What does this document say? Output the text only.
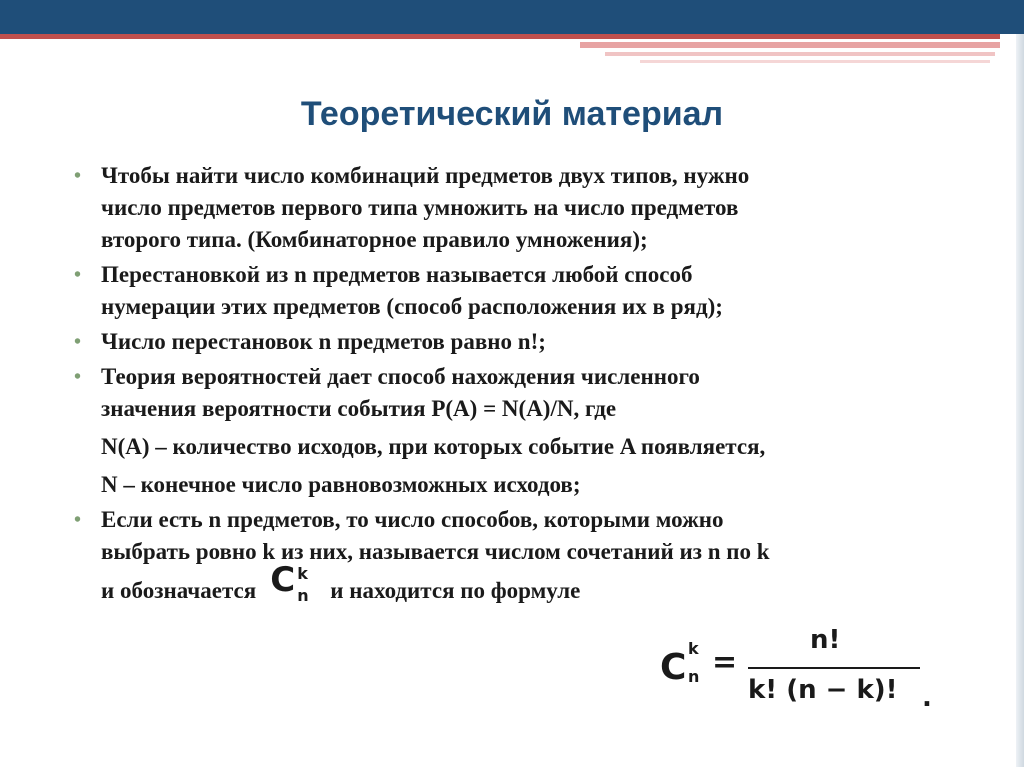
Теоретический материал
• Чтобы найти число комбинаций предметов двух типов, нужно
число предметов первого типа умножить на число предметов
второго типа. (Комбинаторное правило умножения);
• Перестановкой из n предметов называется любой способ
нумерации этих предметов (способ расположения их в ряд);
• Число перестановок n предметов равно n!;
• Теория вероятностей дает способ нахождения численного
значения вероятности события P(A) = N(A)/N, где
N(A) – количество исходов, при которых событие A появляется,
N – конечное число равновозможных исходов;
• Если есть n предметов, то число способов, которыми можно
выбрать ровно k из них, называется числом сочетаний из n по k
и обозначается C k
n и находится по формуле
C k
n =
n!
k! (n − k)! .
